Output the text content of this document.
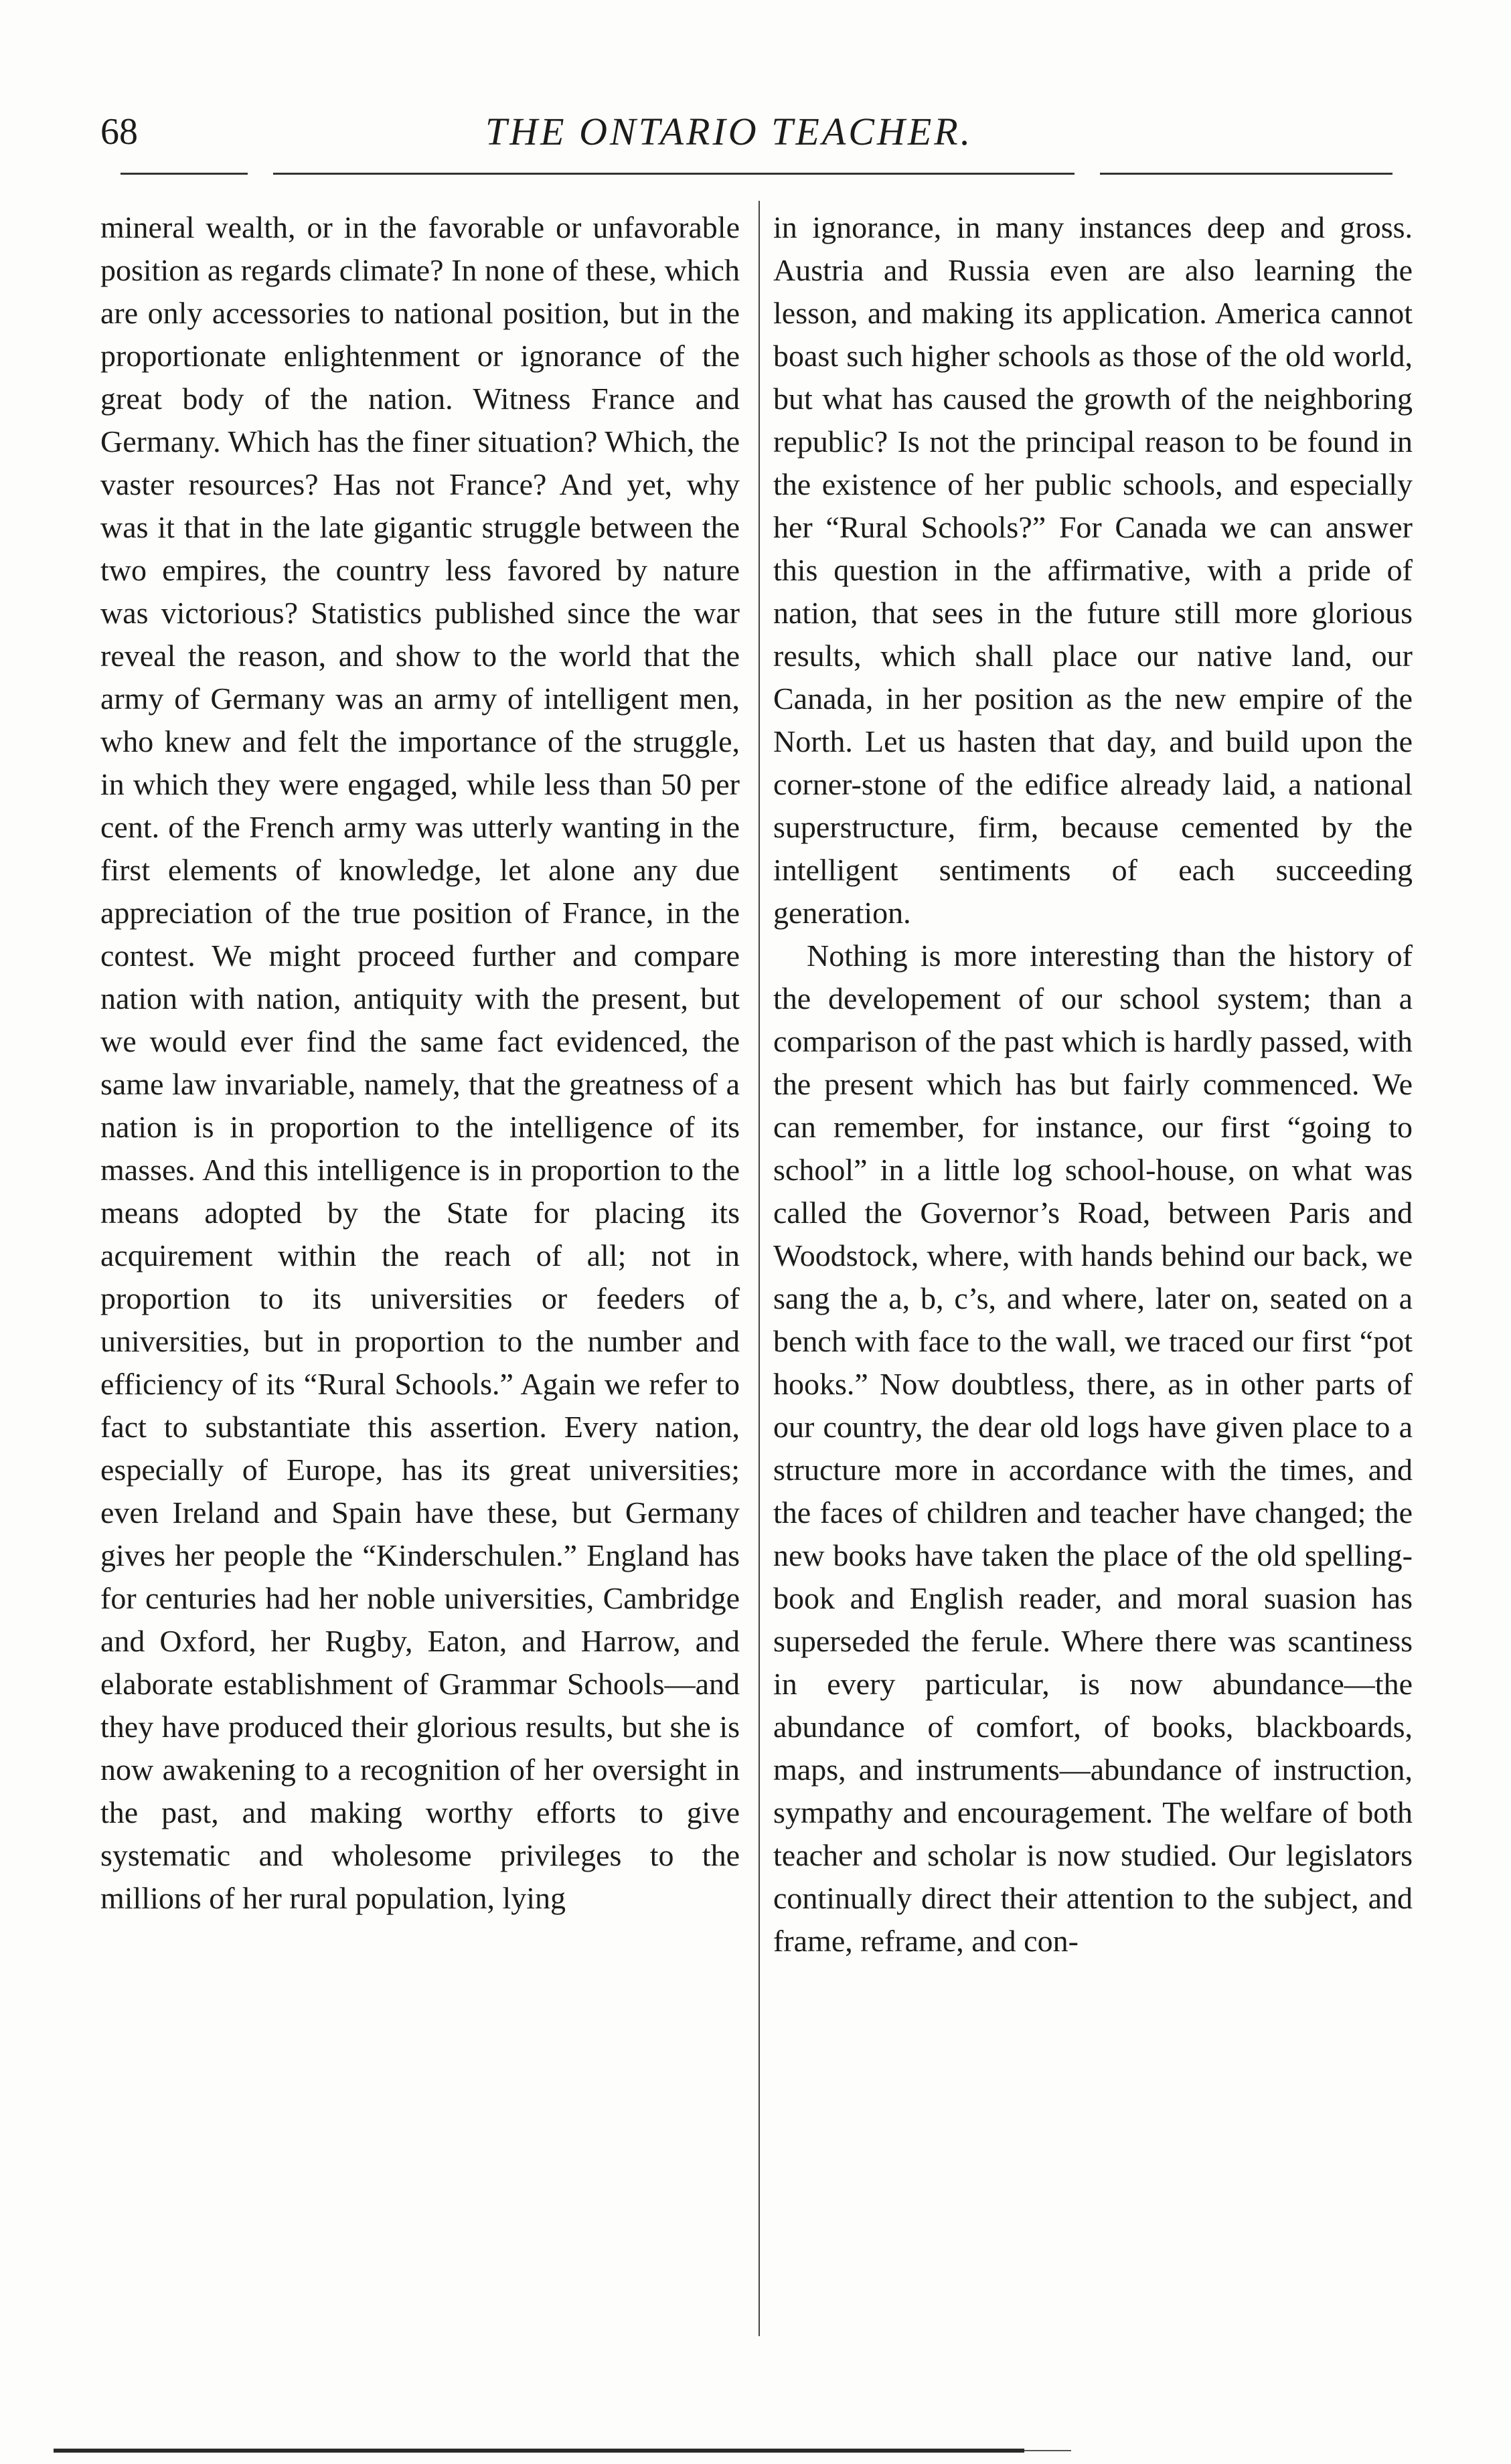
68	THE ONTARIO TEACHER.

mineral wealth, or in the favorable or unfavorable position as regards climate? In none of these, which are only accessories to national position, but in the proportionate enlightenment or ignorance of the great body of the nation. Witness France and Germany. Which has the finer situation? Which, the vaster resources? Has not France? And yet, why was it that in the late gigantic struggle between the two empires, the country less favored by nature was victorious? Statistics published since the war reveal the reason, and show to the world that the army of Germany was an army of intelligent men, who knew and felt the importance of the struggle, in which they were engaged, while less than 50 per cent. of the French army was utterly wanting in the first elements of knowledge, let alone any due appreciation of the true position of France, in the contest. We might proceed further and compare nation with nation, antiquity with the present, but we would ever find the same fact evidenced, the same law invariable, namely, that the greatness of a nation is in proportion to the intelligence of its masses. And this intelligence is in proportion to the means adopted by the State for placing its acquirement within the reach of all; not in proportion to its universities or feeders of universities, but in proportion to the number and efficiency of its “Rural Schools.” Again we refer to fact to substantiate this assertion. Every nation, especially of Europe, has its great universities; even Ireland and Spain have these, but Germany gives her people the “Kinderschulen.” England has for centuries had her noble universities, Cambridge and Oxford, her Rugby, Eaton, and Harrow, and elaborate establishment of Grammar Schools—and they have produced their glorious results, but she is now awakening to a recognition of her oversight in the past, and making worthy efforts to give systematic and wholesome privileges to the millions of her rural population, lying

in ignorance, in many instances deep and gross. Austria and Russia even are also learning the lesson, and making its application. America cannot boast such higher schools as those of the old world, but what has caused the growth of the neighboring republic? Is not the principal reason to be found in the existence of her public schools, and especially her “Rural Schools?” For Canada we can answer this question in the affirmative, with a pride of nation, that sees in the future still more glorious results, which shall place our native land, our Canada, in her position as the new empire of the North. Let us hasten that day, and build upon the corner-stone of the edifice already laid, a national superstructure, firm, because cemented by the intelligent sentiments of each succeeding generation.

Nothing is more interesting than the history of the developement of our school system; than a comparison of the past which is hardly passed, with the present which has but fairly commenced. We can remember, for instance, our first “going to school” in a little log school-house, on what was called the Governor’s Road, between Paris and Woodstock, where, with hands behind our back, we sang the a, b, c’s, and where, later on, seated on a bench with face to the wall, we traced our first “pot hooks.” Now doubtless, there, as in other parts of our country, the dear old logs have given place to a structure more in accordance with the times, and the faces of children and teacher have changed; the new books have taken the place of the old spelling-book and English reader, and moral suasion has superseded the ferule. Where there was scantiness in every particular, is now abundance—the abundance of comfort, of books, blackboards, maps, and instruments—abundance of instruction, sympathy and encouragement. The welfare of both teacher and scholar is now studied. Our legislators continually direct their attention to the subject, and frame, reframe, and con-
